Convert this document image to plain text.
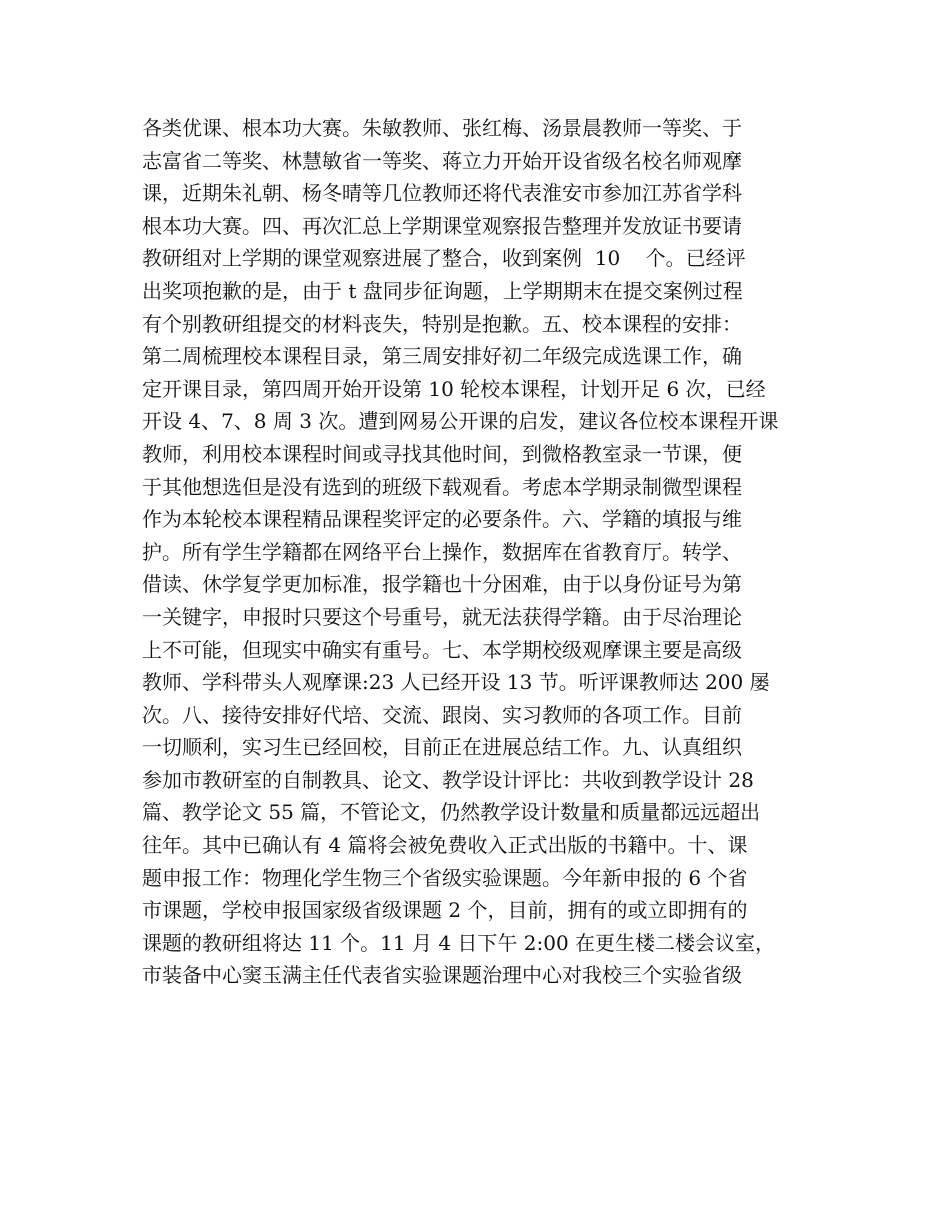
各类优课、根本功大赛。朱敏教师、张红梅、汤景晨教师一等奖、于
志富省二等奖、林慧敏省一等奖、蒋立力开始开设省级名校名师观摩
课，近期朱礼朝、杨冬晴等几位教师还将代表淮安市参加江苏省学科
根本功大赛。四、再次汇总上学期课堂观察报告整理并发放证书要请
教研组对上学期的课堂观察进展了整合，收到案例  10    个。已经评
出奖项抱歉的是，由于 t 盘同步征询题，上学期期末在提交案例过程
有个别教研组提交的材料丧失，特别是抱歉。五、校本课程的安排：
第二周梳理校本课程目录，第三周安排好初二年级完成选课工作，确
定开课目录，第四周开始开设第 10 轮校本课程，计划开足 6 次，已经
开设 4、7、8 周 3 次。遭到网易公开课的启发，建议各位校本课程开课
教师，利用校本课程时间或寻找其他时间，到微格教室录一节课，便
于其他想选但是没有选到的班级下载观看。考虑本学期录制微型课程
作为本轮校本课程精品课程奖评定的必要条件。六、学籍的填报与维
护。所有学生学籍都在网络平台上操作，数据库在省教育厅。转学、
借读、休学复学更加标准，报学籍也十分困难，由于以身份证号为第
一关键字，申报时只要这个号重号，就无法获得学籍。由于尽治理论
上不可能，但现实中确实有重号。七、本学期校级观摩课主要是高级
教师、学科带头人观摩课:23 人已经开设 13 节。听评课教师达 200 屡
次。八、接待安排好代培、交流、跟岗、实习教师的各项工作。目前
一切顺利，实习生已经回校，目前正在进展总结工作。九、认真组织
参加市教研室的自制教具、论文、教学设计评比：共收到教学设计 28
篇、教学论文 55 篇，不管论文，仍然教学设计数量和质量都远远超出
往年。其中已确认有 4 篇将会被免费收入正式出版的书籍中。十、课
题申报工作：物理化学生物三个省级实验课题。今年新申报的 6 个省
市课题，学校申报国家级省级课题 2 个，目前，拥有的或立即拥有的
课题的教研组将达 11 个。11 月 4 日下午 2:00 在更生楼二楼会议室，
市装备中心窦玉满主任代表省实验课题治理中心对我校三个实验省级
